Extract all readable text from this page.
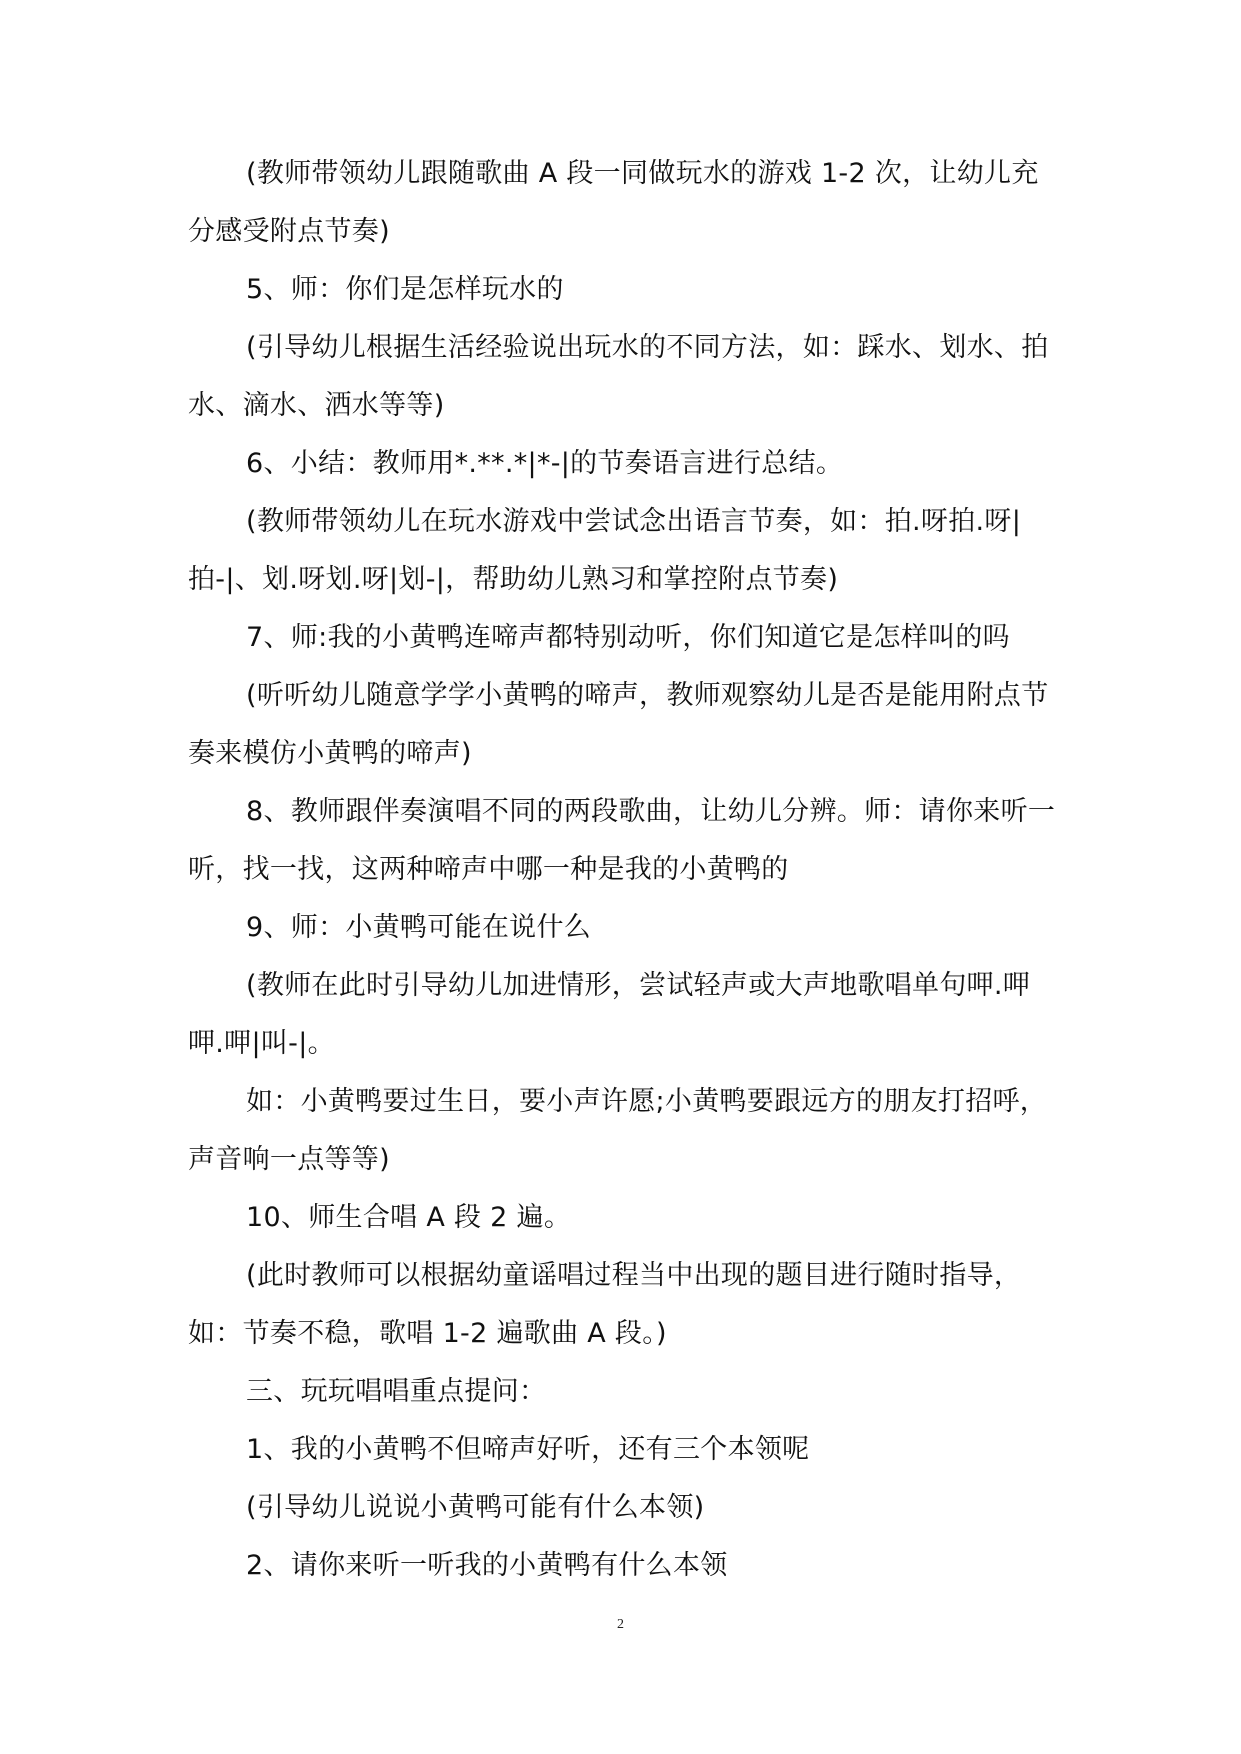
(教师带领幼儿跟随歌曲 A 段一同做玩水的游戏 1-2 次，让幼儿充分感受附点节奏)

5、师：你们是怎样玩水的

(引导幼儿根据生活经验说出玩水的不同方法，如：踩水、划水、拍水、滴水、洒水等等)

6、小结：教师用*.**.*|*-|的节奏语言进行总结。

(教师带领幼儿在玩水游戏中尝试念出语言节奏，如：拍.呀拍.呀|拍-|、划.呀划.呀|划-|，帮助幼儿熟习和掌控附点节奏)

7、师:我的小黄鸭连啼声都特别动听，你们知道它是怎样叫的吗

(听听幼儿随意学学小黄鸭的啼声，教师观察幼儿是否是能用附点节奏来模仿小黄鸭的啼声)

8、教师跟伴奏演唱不同的两段歌曲，让幼儿分辨。师：请你来听一听，找一找，这两种啼声中哪一种是我的小黄鸭的

9、师：小黄鸭可能在说什么

(教师在此时引导幼儿加进情形，尝试轻声或大声地歌唱单句呷.呷呷.呷|叫-|。

如：小黄鸭要过生日，要小声许愿;小黄鸭要跟远方的朋友打招呼，声音响一点等等)

10、师生合唱 A 段 2 遍。

(此时教师可以根据幼童谣唱过程当中出现的题目进行随时指导，如：节奏不稳，歌唱 1-2 遍歌曲 A 段。)

三、玩玩唱唱重点提问：

1、我的小黄鸭不但啼声好听，还有三个本领呢

(引导幼儿说说小黄鸭可能有什么本领)

2、请你来听一听我的小黄鸭有什么本领

2
